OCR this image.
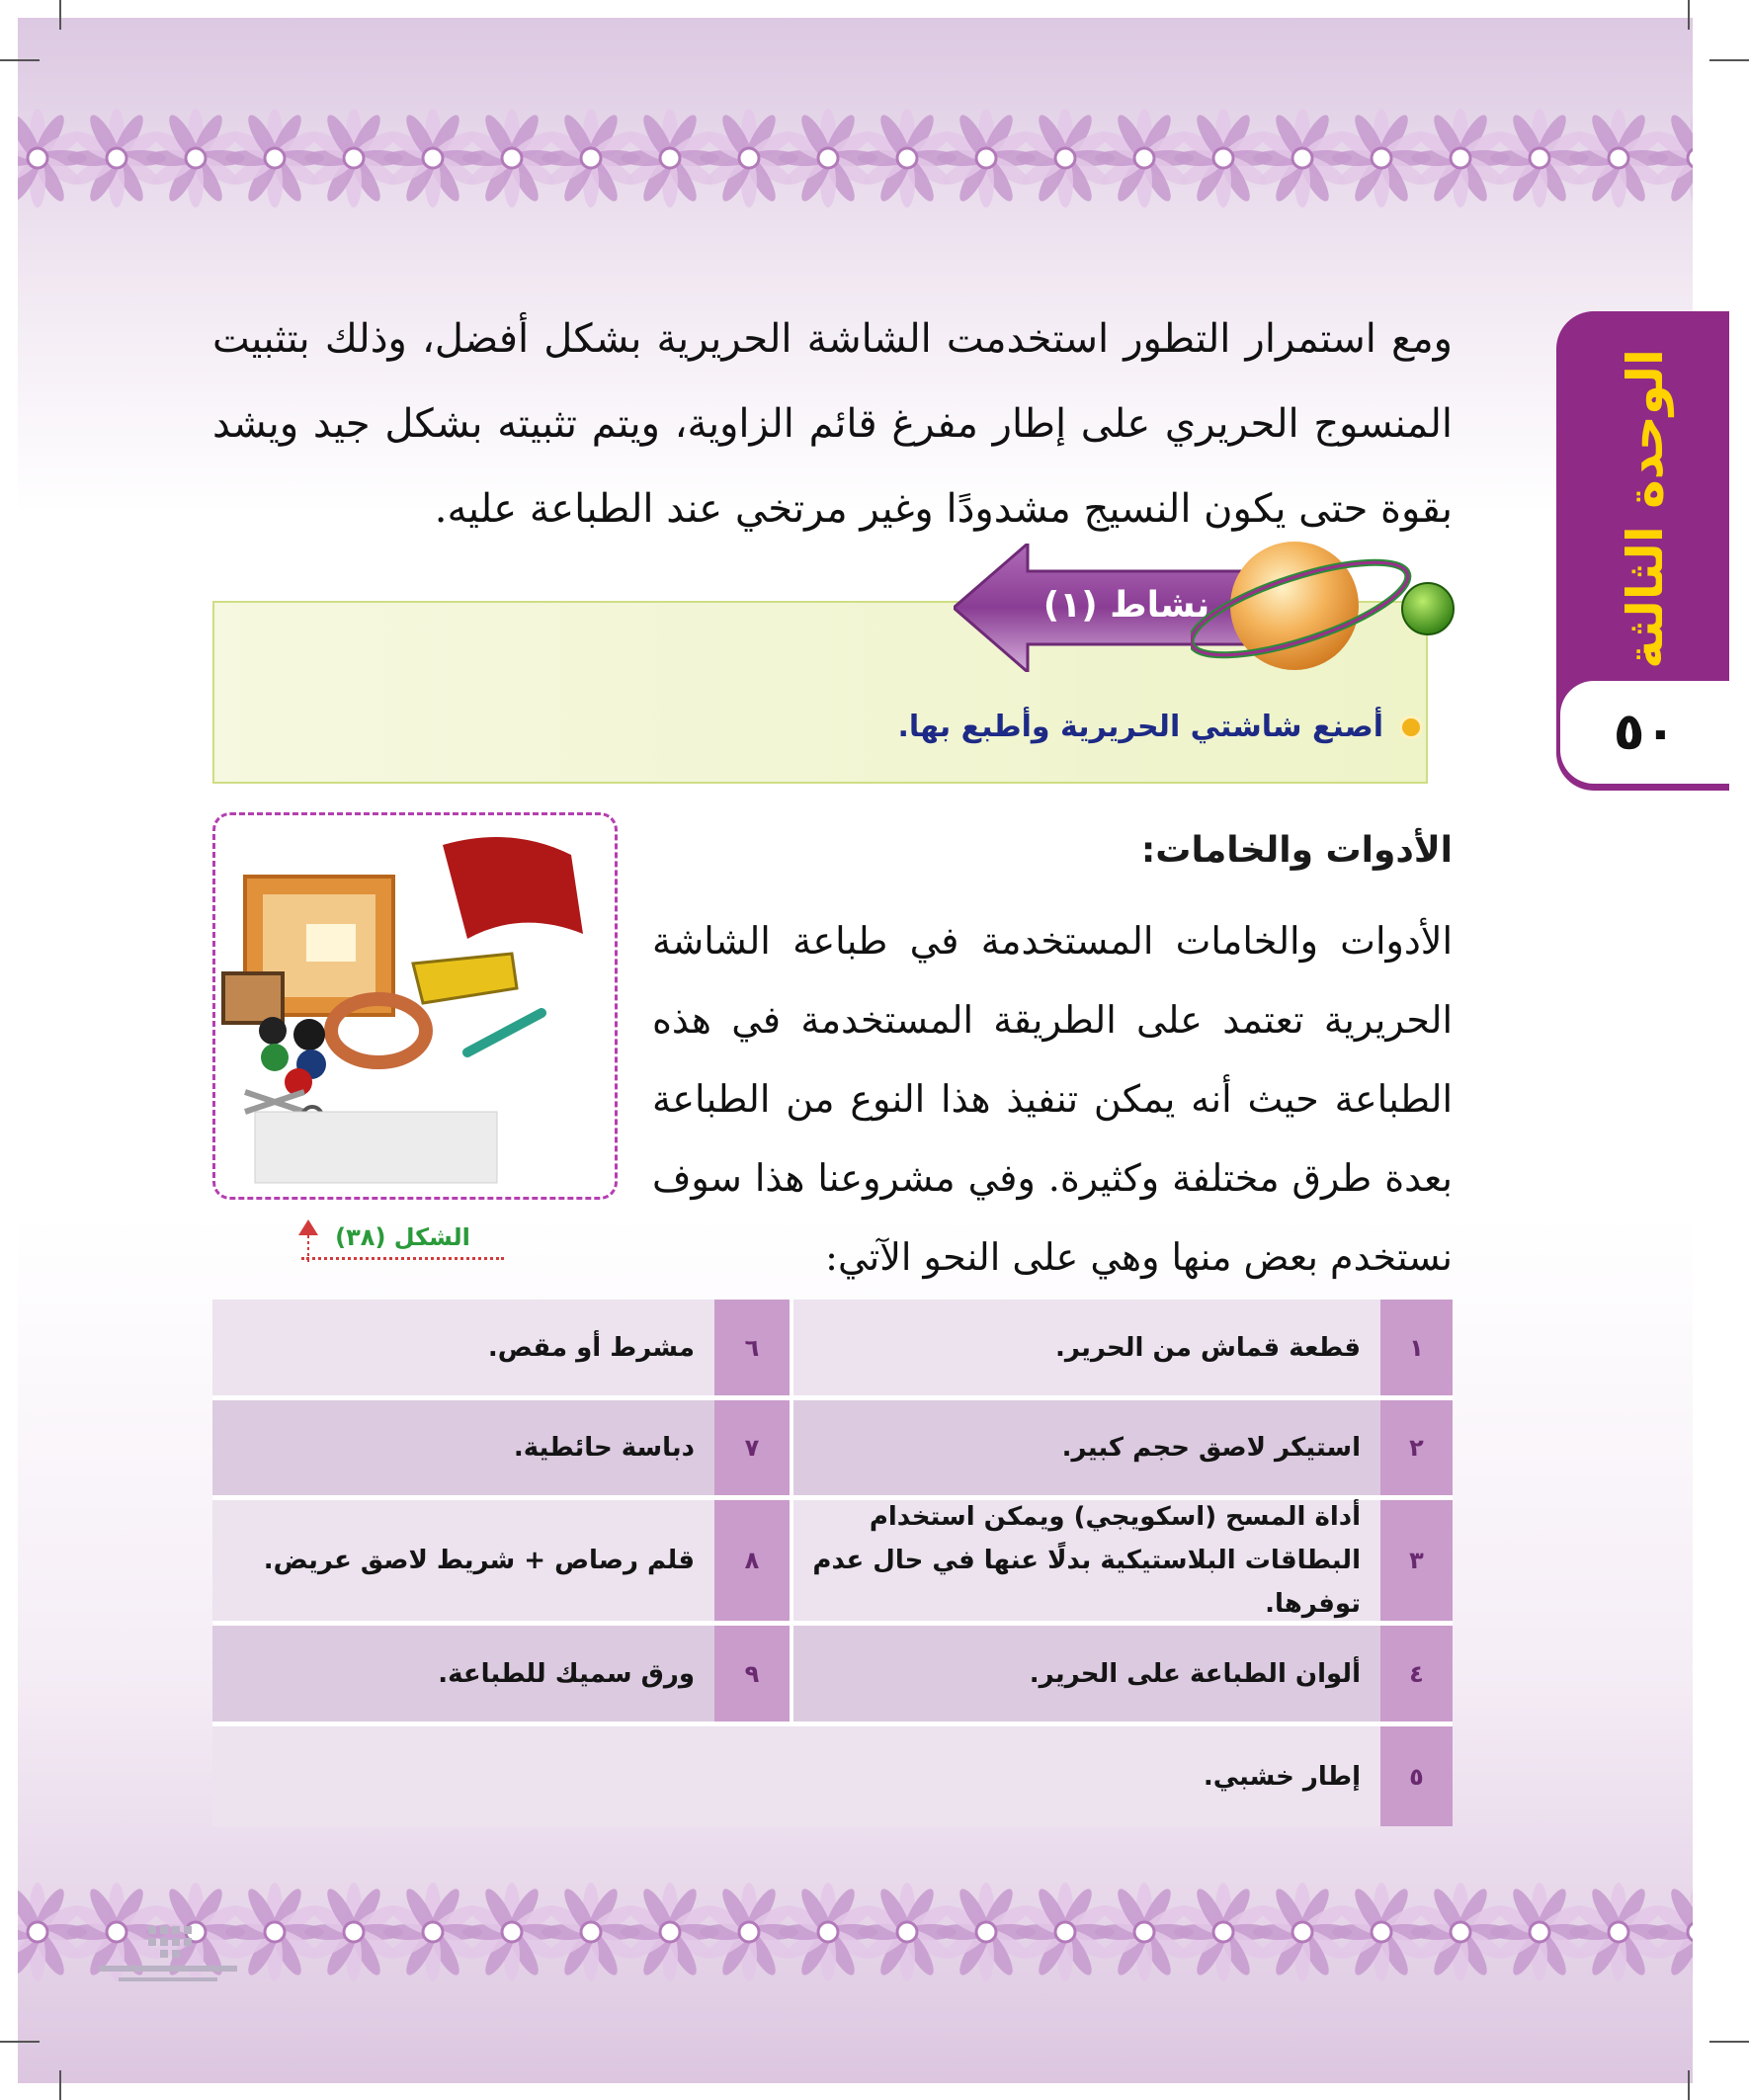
الوحدة الثالثة
٥٠
ومع استمرار التطور استخدمت الشاشة الحريرية بشكل أفضل، وذلك بتثبيت المنسوج الحريري على إطار مفرغ قائم الزاوية، ويتم تثبيته بشكل جيد ويشد بقوة حتى يكون النسيج مشدودًا وغير مرتخي عند الطباعة عليه.
نشاط (١)
أصنع شاشتي الحريرية وأطبع بها.
الشكل (٣٨)
الأدوات والخامات:
الأدوات والخامات المستخدمة في طباعة الشاشة الحريرية تعتمد على الطريقة المستخدمة في هذه الطباعة حيث أنه يمكن تنفيذ هذا النوع من الطباعة بعدة طرق مختلفة وكثيرة. وفي مشروعنا هذا سوف نستخدم بعض منها وهي على النحو الآتي:
١
قطعة قماش من الحرير.
٦
مشرط أو مقص.
٢
استيكر لاصق حجم كبير.
٧
دباسة حائطية.
٣
أداة المسح (اسكويجي) ويمكن استخدام البطاقات البلاستيكية بدلًا عنها في حال عدم توفرها.
٨
قلم رصاص + شريط لاصق عريض.
٤
ألوان الطباعة على الحرير.
٩
ورق سميك للطباعة.
٥
إطار خشبي.
